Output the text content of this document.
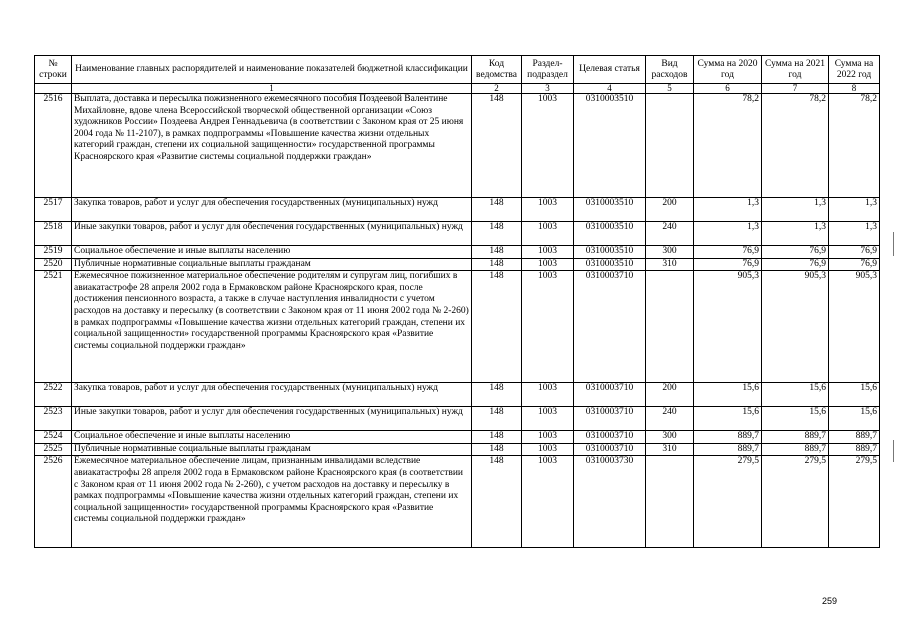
№ строки	Наименование главных распорядителей и наименование показателей бюджетной классификации	Код ведомства	Раздел- подраздел	Целевая статья	Вид расходов	Сумма на 2020 год	Сумма на 2021 год	Сумма на 2022 год
	1	2	3	4	5	6	7	8
2516	Выплата, доставка и пересылка пожизненного ежемесячного пособия Поздеевой Валентине Михайловне, вдове члена Всероссийской творческой общественной организации «Союз художников России» Поздеева Андрея Геннадьевича (в соответствии с Законом края от 25 июня 2004 года № 11-2107), в рамках подпрограммы «Повышение качества жизни отдельных категорий граждан, степени их социальной защищенности» государственной программы Красноярского края «Развитие системы социальной поддержки граждан»	148	1003	0310003510		78,2	78,2	78,2
2517	Закупка товаров, работ и услуг для обеспечения государственных (муниципальных) нужд	148	1003	0310003510	200	1,3	1,3	1,3
2518	Иные закупки товаров, работ и услуг для обеспечения государственных (муниципальных) нужд	148	1003	0310003510	240	1,3	1,3	1,3
2519	Социальное обеспечение и иные выплаты населению	148	1003	0310003510	300	76,9	76,9	76,9
2520	Публичные нормативные социальные выплаты гражданам	148	1003	0310003510	310	76,9	76,9	76,9
2521	Ежемесячное пожизненное материальное обеспечение родителям и супругам лиц, погибших в авиакатастрофе 28 апреля 2002 года в Ермаковском районе Красноярского края, после достижения пенсионного возраста, а также в случае наступления инвалидности с учетом расходов на доставку и пересылку (в соответствии с Законом края от 11 июня 2002 года № 2-260) в рамках подпрограммы «Повышение качества жизни отдельных категорий граждан, степени их социальной защищенности» государственной программы Красноярского края «Развитие системы социальной поддержки граждан»	148	1003	0310003710		905,3	905,3	905,3
2522	Закупка товаров, работ и услуг для обеспечения государственных (муниципальных) нужд	148	1003	0310003710	200	15,6	15,6	15,6
2523	Иные закупки товаров, работ и услуг для обеспечения государственных (муниципальных) нужд	148	1003	0310003710	240	15,6	15,6	15,6
2524	Социальное обеспечение и иные выплаты населению	148	1003	0310003710	300	889,7	889,7	889,7
2525	Публичные нормативные социальные выплаты гражданам	148	1003	0310003710	310	889,7	889,7	889,7
2526	Ежемесячное материальное обеспечение лицам, признанным инвалидами вследствие авиакатастрофы 28 апреля 2002 года в Ермаковском районе Красноярского края (в соответствии с Законом края от 11 июня 2002 года № 2-260), с учетом расходов на доставку и пересылку в рамках подпрограммы «Повышение качества жизни отдельных категорий граждан, степени их социальной защищенности» государственной программы Красноярского края «Развитие системы социальной поддержки граждан»	148	1003	0310003730		279,5	279,5	279,5
259
